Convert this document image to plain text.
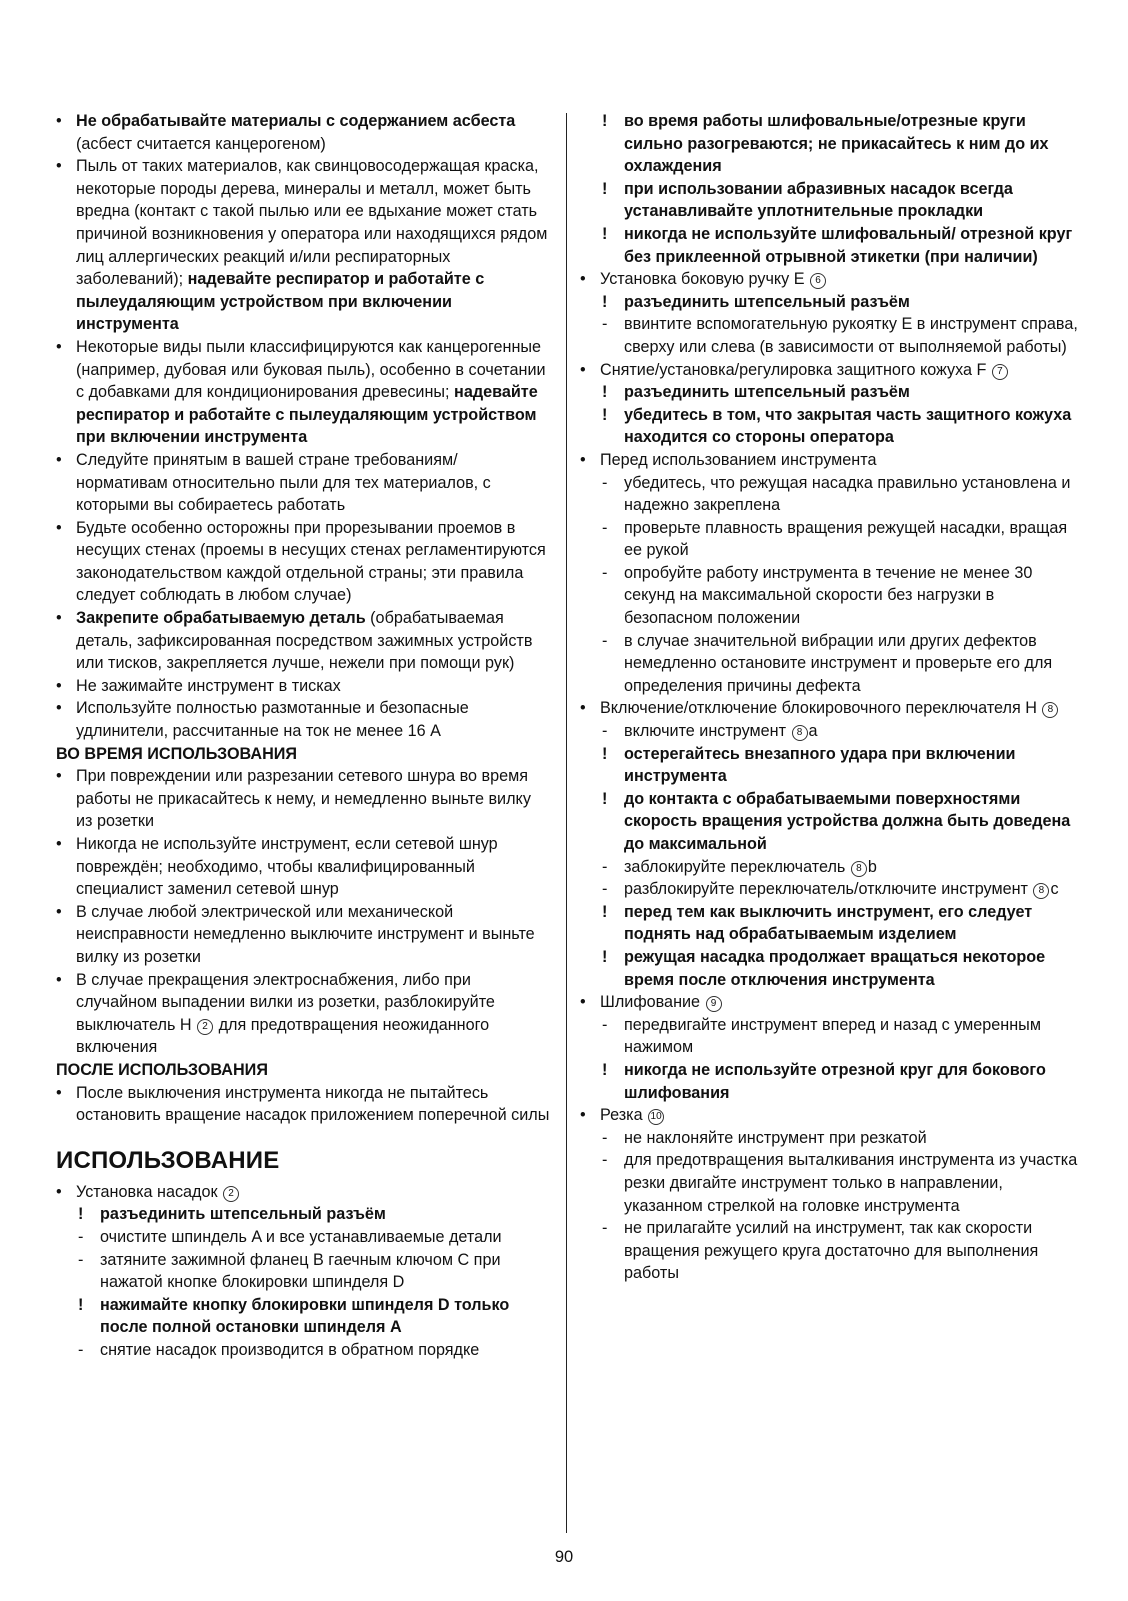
• Не обрабатывайте материалы с содержанием асбеста (асбест считается канцерогеном)
• Пыль от таких материалов, как свинцовосодержащая краска, некоторые породы дерева, минералы и металл, может быть вредна (контакт с такой пылью или ее вдыхание может стать причиной возникновения у оператора или находящихся рядом лиц аллергических реакций и/или респираторных заболеваний); надевайте респиратор и работайте с пылеудаляющим устройством при включении инструмента
• Некоторые виды пыли классифицируются как канцерогенные (например, дубовая или буковая пыль), особенно в сочетании с добавками для кондиционирования древесины; надевайте респиратор и работайте с пылеудаляющим устройством при включении инструмента
• Следуйте принятым в вашей стране требованиям/ нормативам относительно пыли для тех материалов, с которыми вы собираетесь работать
• Будьте особенно осторожны при прорезывании проемов в несущих стенах (проемы в несущих стенах регламентируются законодательством каждой отдельной страны; эти правила следует соблюдать в любом случае)
• Закрепите обрабатываемую деталь (обрабатываемая деталь, зафиксированная посредством зажимных устройств или тисков, закрепляется лучше, нежели при помощи рук)
• Не зажимайте инструмент в тисках
• Используйте полностью размотанные и безопасные удлинители, рассчитанные на ток не менее 16 А
ВО ВРЕМЯ ИСПОЛЬЗОВАНИЯ
• При повреждении или разрезании сетевого шнура во время работы не прикасайтесь к нему, и немедленно выньте вилку из розетки
• Никогда не используйте инструмент, если сетевой шнур повреждён; необходимо, чтобы квалифицированный специалист заменил сетевой шнур
• В случае любой электрической или механической неисправности немедленно выключите инструмент и выньте вилку из розетки
• В случае прекращения электроснабжения, либо при случайном выпадении вилки из розетки, разблокируйте выключатель H 2 для предотвращения неожиданного включения
ПОСЛЕ ИСПОЛЬЗОВАНИЯ
• После выключения инструмента никогда не пытайтесь остановить вращение насадок приложением поперечной силы
ИСПОЛЬЗОВАНИЕ
• Установка насадок 2
! разъединить штепсельный разъём
- очистите шпиндель A и все устанавливаемые детали
- затяните зажимной фланец B гаечным ключом C при нажатой кнопке блокировки шпинделя D
! нажимайте кнопку блокировки шпинделя D только после полной остановки шпинделя A
- снятие насадок производится в обратном порядке
! во время работы шлифовальные/отрезные круги сильно разогреваются; не прикасайтесь к ним до их охлаждения
! при использовании абразивных насадок всегда устанавливайте уплотнительные прокладки
! никогда не используйте шлифовальный/ отрезной круг без приклеенной отрывной этикетки (при наличии)
• Установка боковую ручку E 6
! разъединить штепсельный разъём
- ввинтите вспомогательную рукоятку E в инструмент справа, сверху или слева (в зависимости от выполняемой работы)
• Снятие/установка/регулировка защитного кожуха F 7
! разъединить штепсельный разъём
! убедитесь в том, что закрытая часть защитного кожуха находится со стороны оператора
• Перед использованием инструмента
- убедитесь, что режущая насадка правильно установлена и надежно закреплена
- проверьте плавность вращения режущей насадки, вращая ее рукой
- опробуйте работу инструмента в течение не менее 30 секунд на максимальной скорости без нагрузки в безопасном положении
- в случае значительной вибрации или других дефектов немедленно остановите инструмент и проверьте его для определения причины дефекта
• Включение/отключение блокировочного переключателя H 8
- включите инструмент 8 a
! остерегайтесь внезапного удара при включении инструмента
! до контакта с обрабатываемыми поверхностями скорость вращения устройства должна быть доведена до максимальной
- заблокируйте переключатель 8 b
- разблокируйте переключатель/отключите инструмент 8 c
! перед тем как выключить инструмент, его следует поднять над обрабатываемым изделием
! режущая насадка продолжает вращаться некоторое время после отключения инструмента
• Шлифование 9
- передвигайте инструмент вперед и назад с умеренным нажимом
! никогда не используйте отрезной круг для бокового шлифования
• Резка 10
- не наклоняйте инструмент при резкатой
- для предотвращения выталкивания инструмента из участка резки двигайте инструмент только в направлении, указанном стрелкой на головке инструмента
- не прилагайте усилий на инструмент, так как скорости вращения режущего круга достаточно для выполнения работы
90
